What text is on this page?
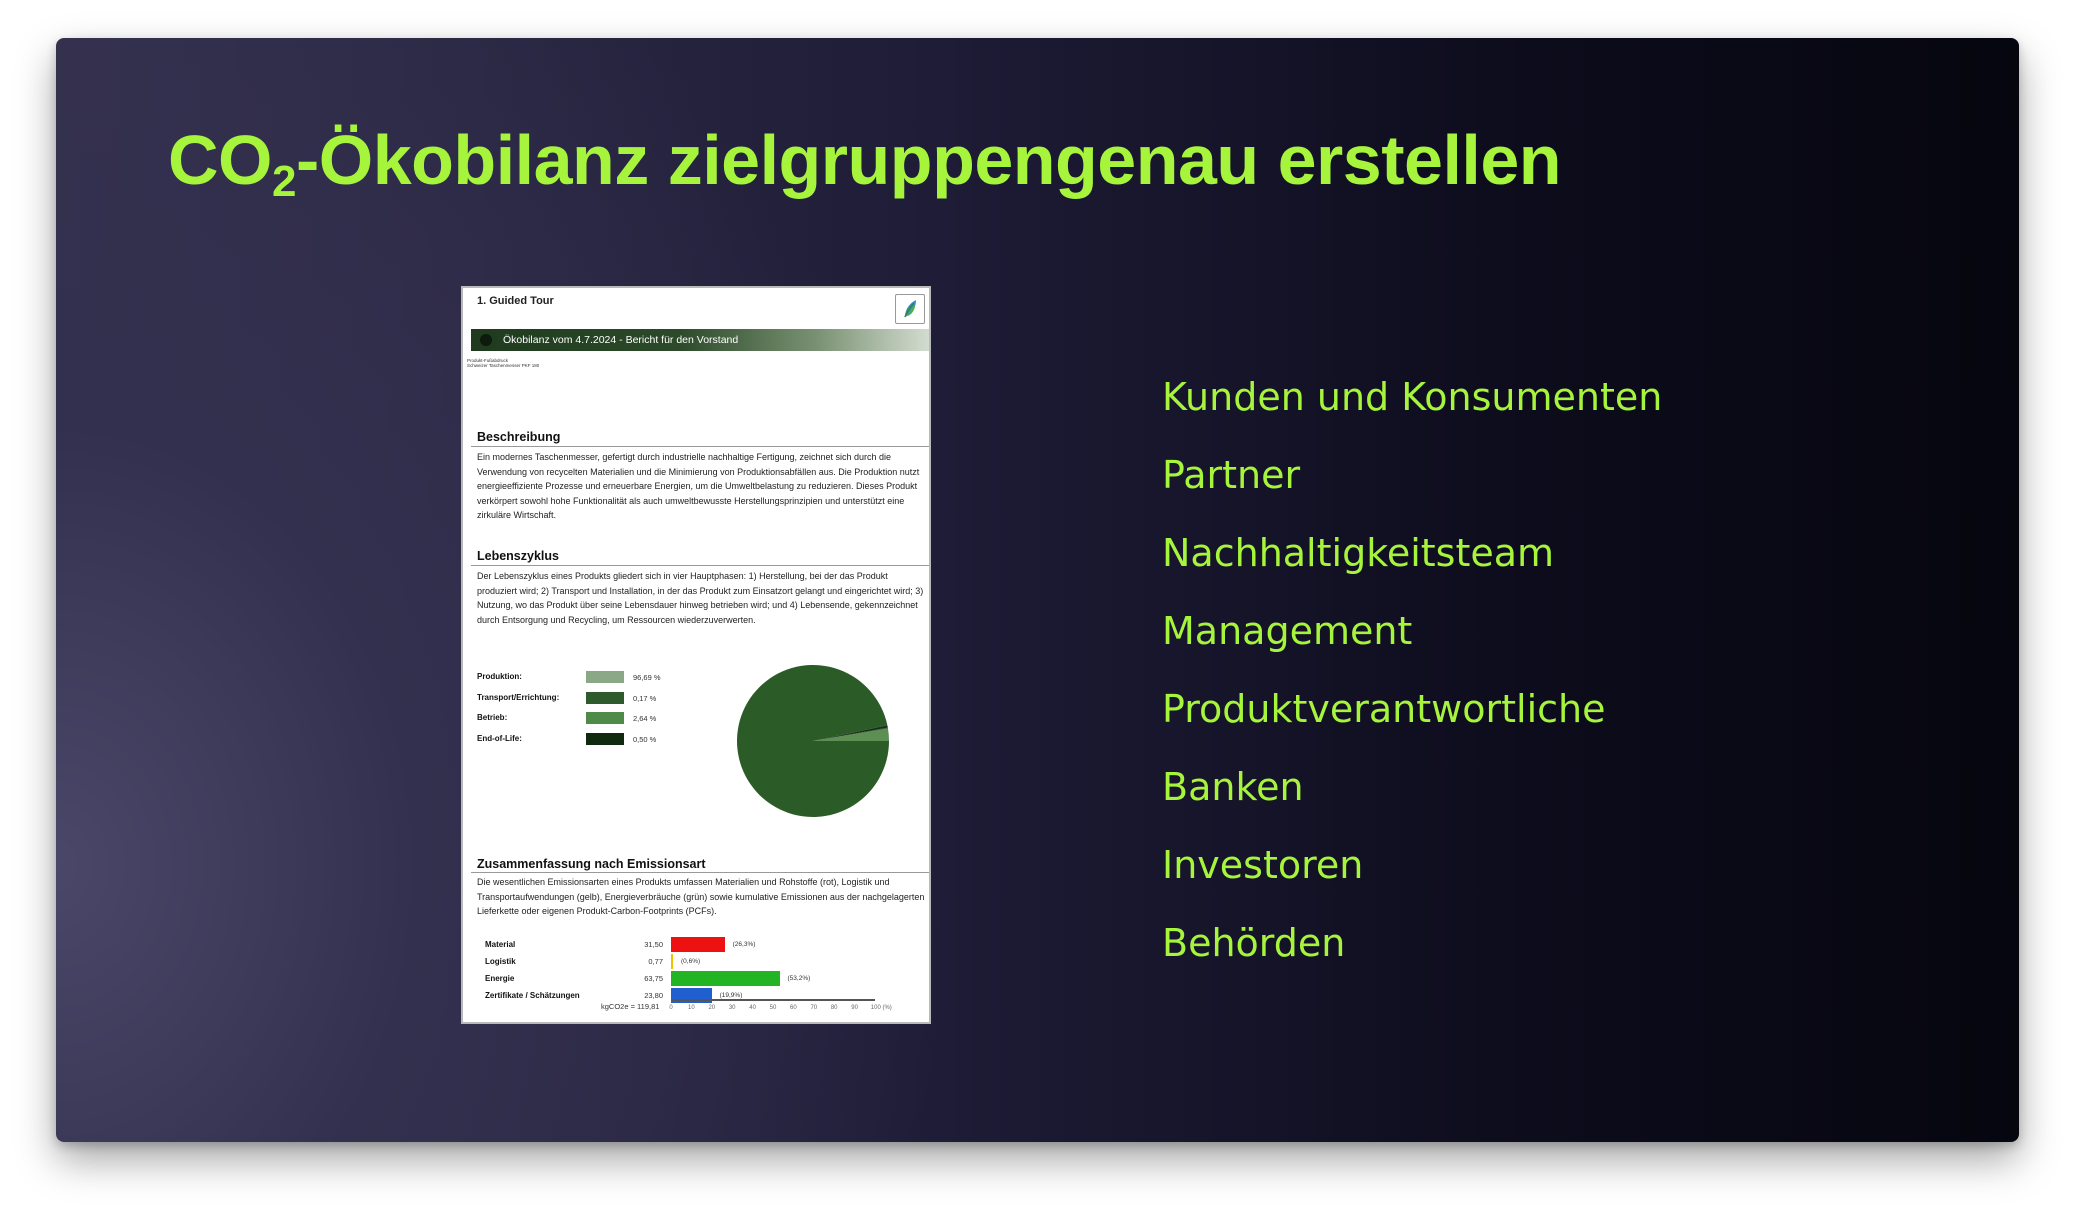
CO2-Ökobilanz zielgruppengenau erstellen
1. Guided Tour
Ökobilanz vom 4.7.2024 - Bericht für den Vorstand
Produkt-Fußabdruck
Schweizer Taschenmesser PKF 180
Beschreibung

Ein modernes Taschenmesser, gefertigt durch industrielle nachhaltige Fertigung, zeichnet sich durch die Verwendung von recycelten Materialien und die Minimierung von Produktionsabfällen aus. Die Produktion nutzt energieeffiziente Prozesse und erneuerbare Energien, um die Umweltbelastung zu reduzieren. Dieses Produkt verkörpert sowohl hohe Funktionalität als auch umweltbewusste Herstellungsprinzipien und unterstützt eine zirkuläre Wirtschaft.

Lebenszyklus

Der Lebenszyklus eines Produkts gliedert sich in vier Hauptphasen: 1) Herstellung, bei der das Produkt produziert wird; 2) Transport und Installation, in der das Produkt zum Einsatzort gelangt und eingerichtet wird; 3) Nutzung, wo das Produkt über seine Lebensdauer hinweg betrieben wird; und 4) Lebensende, gekennzeichnet durch Entsorgung und Recycling, um Ressourcen wiederzuverwerten.

Produktion:	96,69 %
Transport/Errichtung:	0,17 %
Betrieb:	2,64 %
End-of-Life:	0,50 %
Zusammenfassung nach Emissionsart

Die wesentlichen Emissionsarten eines Produkts umfassen Materialien und Rohstoffe (rot), Logistik und Transportaufwendungen (gelb), Energieverbräuche (grün) sowie kumulative Emissionen aus der nachgelagerten Lieferkette oder eigenen Produkt-Carbon-Footprints (PCFs).

Material	31,50	(26,3%)
Logistik	0,77	(0,6%)
Energie	63,75	(53,2%)
Zertifikate / Schätzungen	23,80	(19,9%)
0	10 20 30 40 50 60 70 80 90 100 (%)
kgCO2e = 119,81
Kunden und Konsumenten
Partner
Nachhaltigkeitsteam
Management
Produktverantwortliche
Banken
Investoren
Behörden
